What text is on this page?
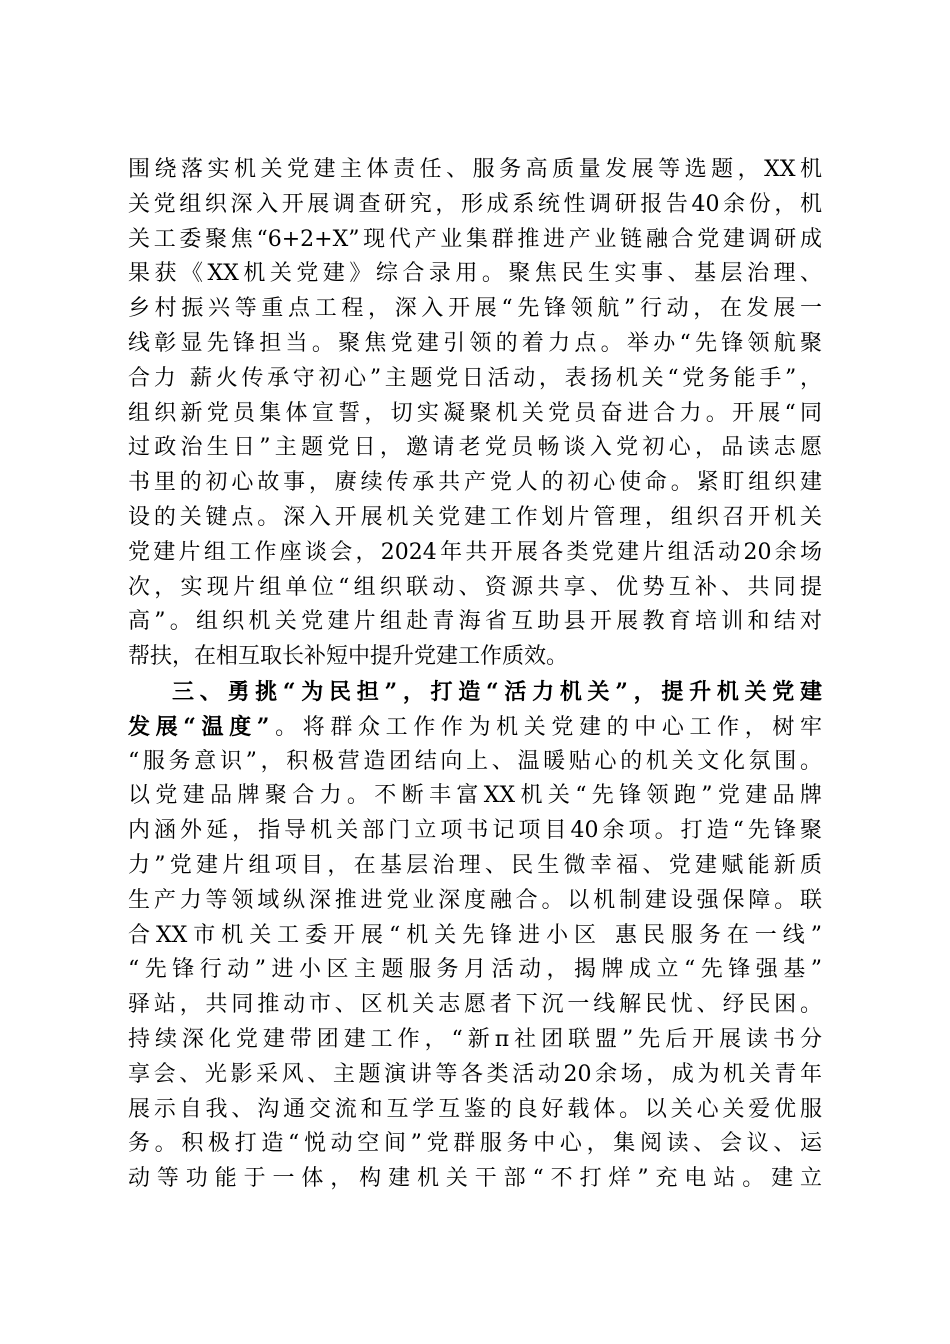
围绕落实机关党建主体责任、服务高质量发展等选题，XX机
关党组织深入开展调查研究，形成系统性调研报告40余份，机
关工委聚焦“6+2+X”现代产业集群推进产业链融合党建调研成
果获《XX机关党建》综合录用。聚焦民生实事、基层治理、
乡村振兴等重点工程，深入开展“先锋领航”行动，在发展一
线彰显先锋担当。聚焦党建引领的着力点。举办“先锋领航聚
合力 薪火传承守初心”主题党日活动，表扬机关“党务能手”，
组织新党员集体宣誓，切实凝聚机关党员奋进合力。开展“同
过政治生日”主题党日，邀请老党员畅谈入党初心，品读志愿
书里的初心故事，赓续传承共产党人的初心使命。紧盯组织建
设的关键点。深入开展机关党建工作划片管理，组织召开机关
党建片组工作座谈会，2024年共开展各类党建片组活动20余场
次，实现片组单位“组织联动、资源共享、优势互补、共同提
高”。组织机关党建片组赴青海省互助县开展教育培训和结对
帮扶，在相互取长补短中提升党建工作质效。
三、勇挑“为民担”，打造“活力机关”，提升机关党建
发展“温度”。将群众工作作为机关党建的中心工作，树牢
“服务意识”，积极营造团结向上、温暖贴心的机关文化氛围。
以党建品牌聚合力。不断丰富XX机关“先锋领跑”党建品牌
内涵外延，指导机关部门立项书记项目40余项。打造“先锋聚
力”党建片组项目，在基层治理、民生微幸福、党建赋能新质
生产力等领域纵深推进党业深度融合。以机制建设强保障。联
合XX市机关工委开展“机关先锋进小区 惠民服务在一线”
“先锋行动”进小区主题服务月活动，揭牌成立“先锋强基”
驿站，共同推动市、区机关志愿者下沉一线解民忧、纾民困。
持续深化党建带团建工作，“新π社团联盟”先后开展读书分
享会、光影采风、主题演讲等各类活动20余场，成为机关青年
展示自我、沟通交流和互学互鉴的良好载体。以关心关爱优服
务。积极打造“悦动空间”党群服务中心，集阅读、会议、运
动等功能于一体，构建机关干部“不打烊”充电站。建立
